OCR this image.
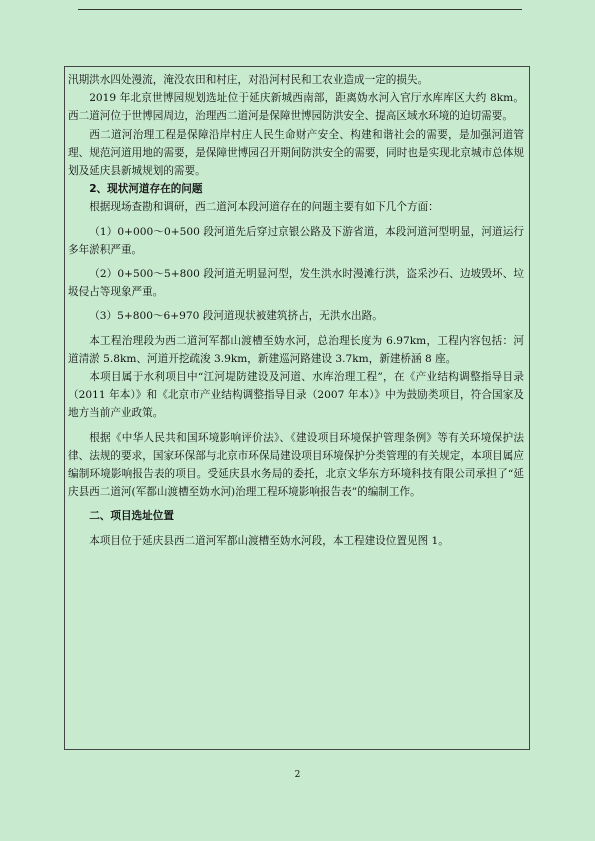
汛期洪水四处漫流，淹没农田和村庄，对沿河村民和工农业造成一定的损失。

2019 年北京世博园规划选址位于延庆新城西南部，距离妫水河入官厅水库库区大约 8km。 西二道河位于世博园周边，治理西二道河是保障世博园防洪安全、提高区域水环境的迫切需要。

西二道河治理工程是保障沿岸村庄人民生命财产安全、构建和谐社会的需要，是加强河道管理、规范河道用地的需要，是保障世博园召开期间防洪安全的需要，同时也是实现北京城市总体规划及延庆县新城规划的需要。

2、现状河道存在的问题

根据现场查勘和调研，西二道河本段河道存在的问题主要有如下几个方面：

（1）0+000～0+500 段河道先后穿过京银公路及下游省道，本段河道河型明显，河道运行多年淤积严重。

（2）0+500～5+800 段河道无明显河型，发生洪水时漫滩行洪，盗采沙石、边坡毁坏、垃圾侵占等现象严重。

（3）5+800～6+970 段河道现状被建筑挤占，无洪水出路。

本工程治理段为西二道河军都山渡槽至妫水河，总治理长度为 6.97km，工程内容包括：河道清淤 5.8km、河道开挖疏浚 3.9km，新建巡河路建设 3.7km，新建桥涵 8 座。

本项目属于水利项目中“江河堤防建设及河道、水库治理工程”，在《产业结构调整指导目录（2011 年本）》和《北京市产业结构调整指导目录（2007 年本）》中为鼓励类项目，符合国家及地方当前产业政策。

根据《中华人民共和国环境影响评价法》、《建设项目环境保护管理条例》等有关环境保护法律、法规的要求，国家环保部与北京市环保局建设项目环境保护分类管理的有关规定，本项目属应编制环境影响报告表的项目。受延庆县水务局的委托，北京文华东方环境科技有限公司承担了“延庆县西二道河(军都山渡槽至妫水河)治理工程环境影响报告表”的编制工作。

二、项目选址位置

本项目位于延庆县西二道河军都山渡槽至妫水河段，本工程建设位置见图 1。

2
